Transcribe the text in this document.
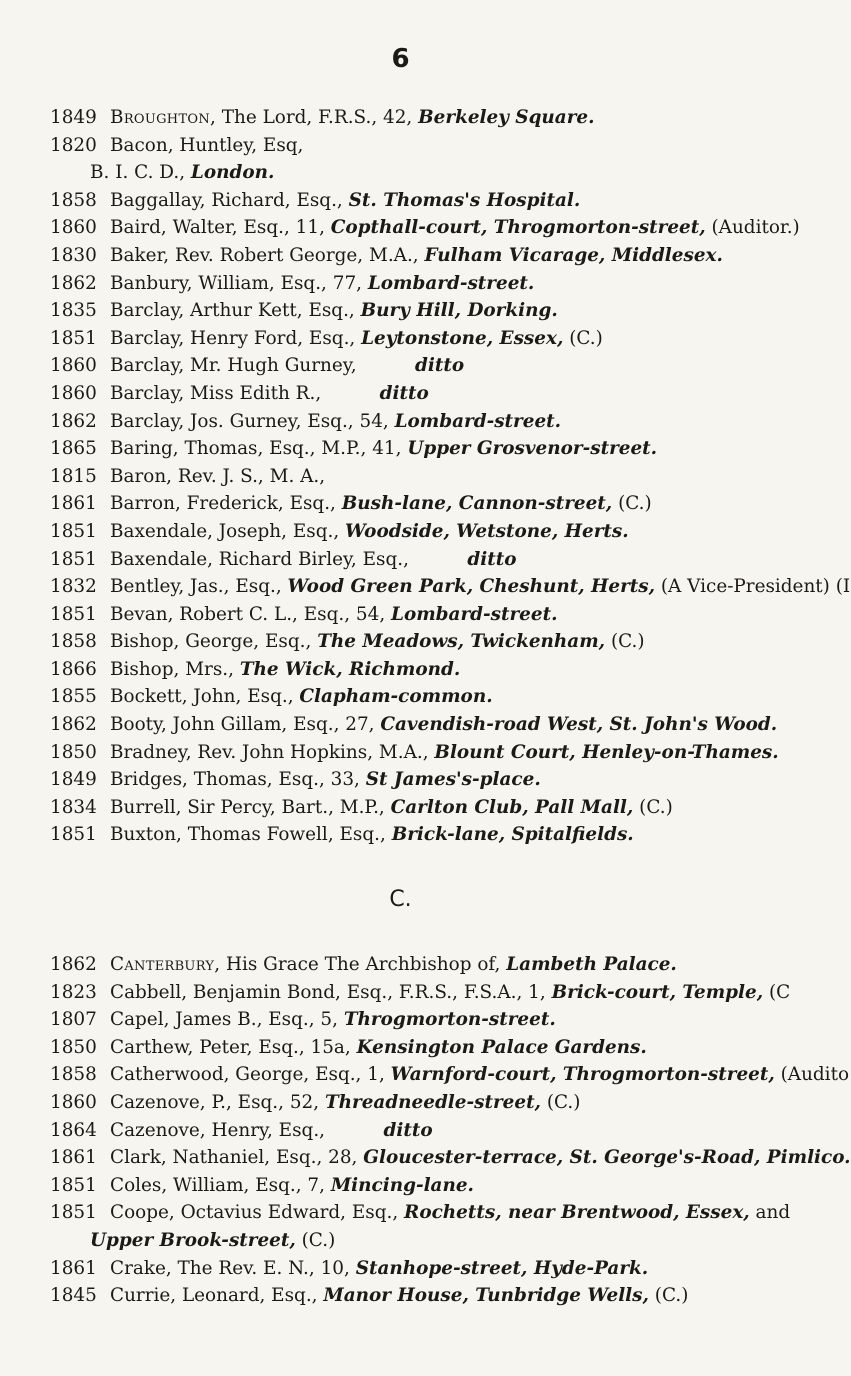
6
1849 Broughton, The Lord, F.R.S., 42, Berkeley Square.
1820 Bacon, Huntley, Esq,
B. I. C. D., London.
1858 Baggallay, Richard, Esq., St. Thomas's Hospital.
1860 Baird, Walter, Esq., 11, Copthall-court, Throgmorton-street, (Auditor.)
1830 Baker, Rev. Robert George, M.A., Fulham Vicarage, Middlesex.
1862 Banbury, William, Esq., 77, Lombard-street.
1835 Barclay, Arthur Kett, Esq., Bury Hill, Dorking.
1851 Barclay, Henry Ford, Esq., Leytonstone, Essex, (C.)
1860 Barclay, Mr. Hugh Gurney,          ditto
1860 Barclay, Miss Edith R.,          ditto
1862 Barclay, Jos. Gurney, Esq., 54, Lombard-street.
1865 Baring, Thomas, Esq., M.P., 41, Upper Grosvenor-street.
1815 Baron, Rev. J. S., M. A.,
1861 Barron, Frederick, Esq., Bush-lane, Cannon-street, (C.)
1851 Baxendale, Joseph, Esq., Woodside, Wetstone, Herts.
1851 Baxendale, Richard Birley, Esq.,          ditto
1832 Bentley, Jas., Esq., Wood Green Park, Cheshunt, Herts, (A Vice-President) (I
1851 Bevan, Robert C. L., Esq., 54, Lombard-street.
1858 Bishop, George, Esq., The Meadows, Twickenham, (C.)
1866 Bishop, Mrs., The Wick, Richmond.
1855 Bockett, John, Esq., Clapham-common.
1862 Booty, John Gillam, Esq., 27, Cavendish-road West, St. John's Wood.
1850 Bradney, Rev. John Hopkins, M.A., Blount Court, Henley-on-Thames.
1849 Bridges, Thomas, Esq., 33, St James's-place.
1834 Burrell, Sir Percy, Bart., M.P., Carlton Club, Pall Mall, (C.)
1851 Buxton, Thomas Fowell, Esq., Brick-lane, Spitalfields.
C.
1862 Canterbury, His Grace The Archbishop of, Lambeth Palace.
1823 Cabbell, Benjamin Bond, Esq., F.R.S., F.S.A., 1, Brick-court, Temple, (C
1807 Capel, James B., Esq., 5, Throgmorton-street.
1850 Carthew, Peter, Esq., 15a, Kensington Palace Gardens.
1858 Catherwood, George, Esq., 1, Warnford-court, Throgmorton-street, (Audito
1860 Cazenove, P., Esq., 52, Threadneedle-street, (C.)
1864 Cazenove, Henry, Esq.,          ditto
1861 Clark, Nathaniel, Esq., 28, Gloucester-terrace, St. George's-Road, Pimlico.
1851 Coles, William, Esq., 7, Mincing-lane.
1851 Coope, Octavius Edward, Esq., Rochetts, near Brentwood, Essex, and
Upper Brook-street, (C.)
1861 Crake, The Rev. E. N., 10, Stanhope-street, Hyde-Park.
1845 Currie, Leonard, Esq., Manor House, Tunbridge Wells, (C.)
